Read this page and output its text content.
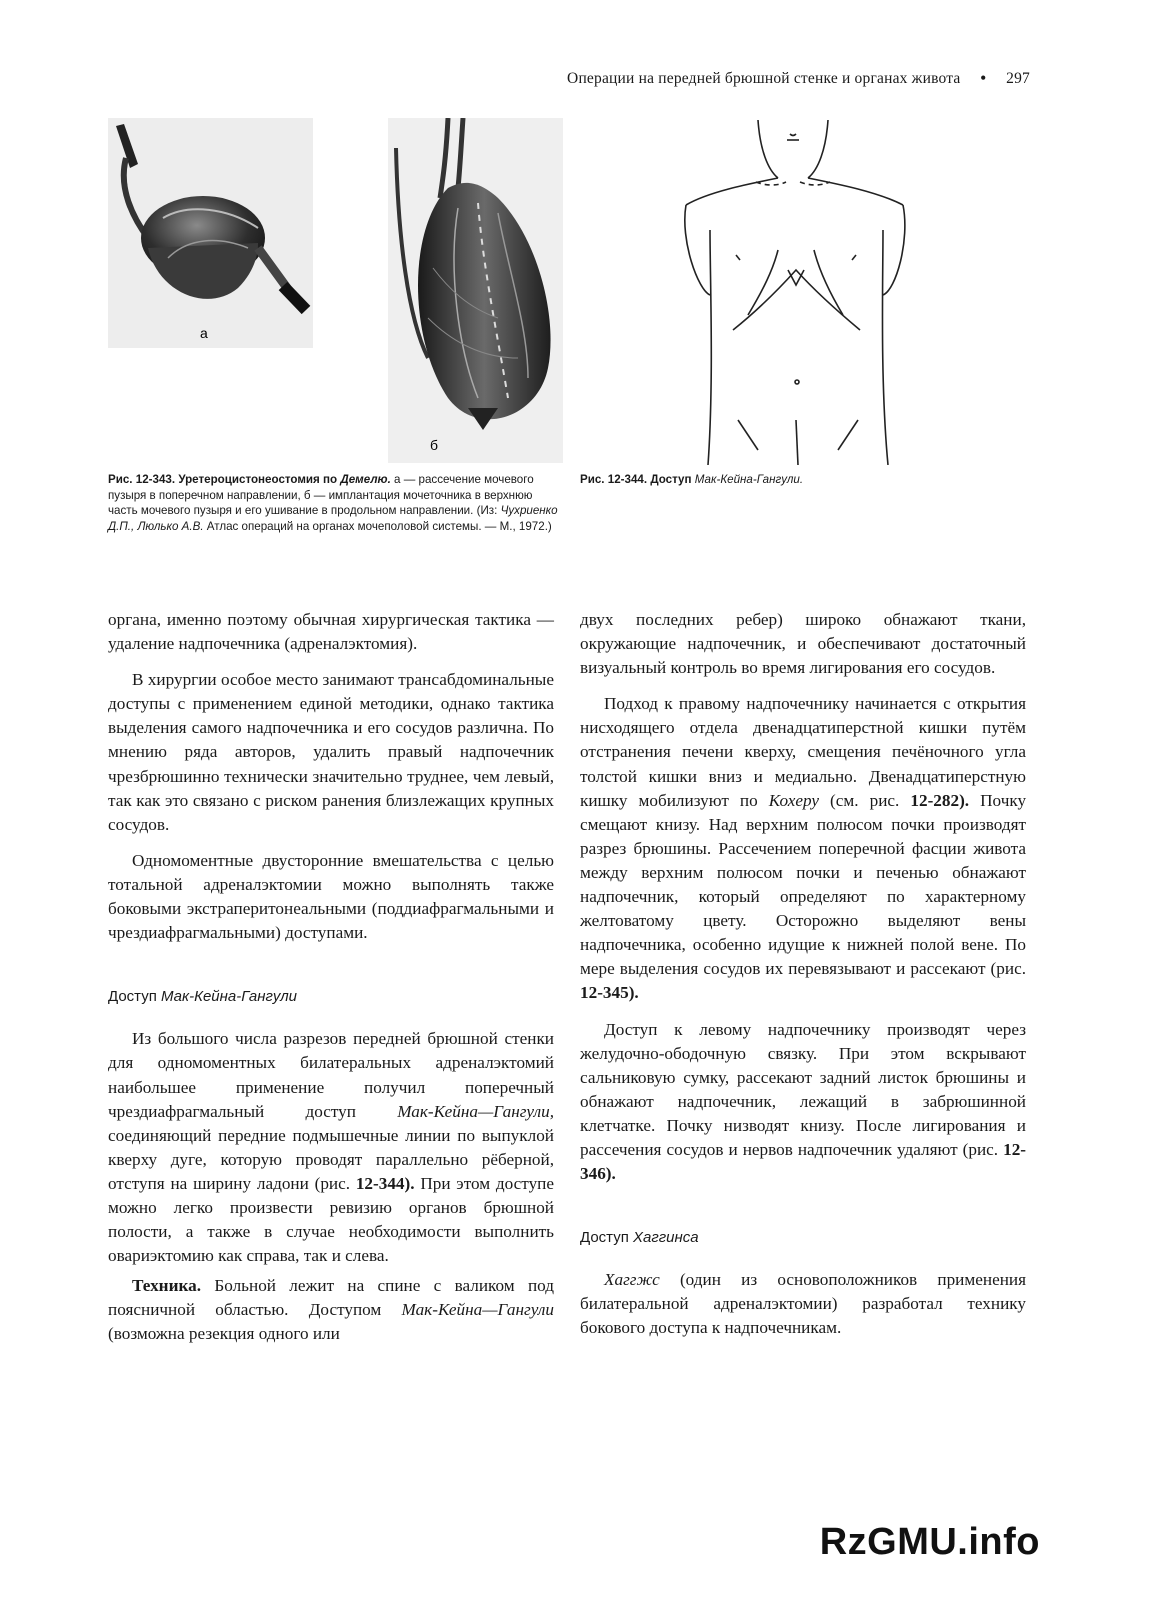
Операции на передней брюшной стенке и органах живота • 297
а
б
Рис. 12-343. Уретероцистонеостомия по Демелю. а — рассечение мочевого пузыря в поперечном направлении, б — имплантация мочеточника в верхнюю часть мочевого пузыря и его ушивание в продольном направлении. (Из: Чухриенко Д.П., Люлько А.В. Атлас операций на органах мочеполовой системы. — М., 1972.)
Рис. 12-344. Доступ Мак-Кейна-Гангули.

органа, именно поэтому обычная хирургическая тактика — удаление надпочечника (адреналэктомия).

В хирургии особое место занимают трансабдоминальные доступы с применением единой методики, однако тактика выделения самого надпочечника и его сосудов различна. По мнению ряда авторов, удалить правый надпочечник чрезбрюшинно технически значительно труднее, чем левый, так как это связано с риском ранения близлежащих крупных сосудов.

Одномоментные двусторонние вмешательства с целью тотальной адреналэктомии можно выполнять также боковыми экстраперитонеальными (поддиафрагмальными и чрездиафрагмальными) доступами.

Доступ Мак-Кейна-Гангули

Из большого числа разрезов передней брюшной стенки для одномоментных билатеральных адреналэктомий наибольшее применение получил поперечный чрездиафрагмальный доступ Мак-Кейна—Гангули, соединяющий передние подмышечные линии по выпуклой кверху дуге, которую проводят параллельно рёберной, отступя на ширину ладони (рис. 12-344). При этом доступе можно легко произвести ревизию органов брюшной полости, а также в случае необходимости выполнить овариэктомию как справа, так и слева.

Техника. Больной лежит на спине с валиком под поясничной областью. Доступом Мак-Кейна—Гангули (возможна резекция одного или

двух последних ребер) широко обнажают ткани, окружающие надпочечник, и обеспечивают достаточный визуальный контроль во время лигирования его сосудов.

Подход к правому надпочечнику начинается с открытия нисходящего отдела двенадцатиперстной кишки путём отстранения печени кверху, смещения печёночного угла толстой кишки вниз и медиально. Двенадцатиперстную кишку мобилизуют по Кохеру (см. рис. 12-282). Почку смещают книзу. Над верхним полюсом почки производят разрез брюшины. Рассечением поперечной фасции живота между верхним полюсом почки и печенью обнажают надпочечник, который определяют по характерному желтоватому цвету. Осторожно выделяют вены надпочечника, особенно идущие к нижней полой вене. По мере выделения сосудов их перевязывают и рассекают (рис. 12-345).

Доступ к левому надпочечнику производят через желудочно-ободочную связку. При этом вскрывают сальниковую сумку, рассекают задний листок брюшины и обнажают надпочечник, лежащий в забрюшинной клетчатке. Почку низводят книзу. После лигирования и рассечения сосудов и нервов надпочечник удаляют (рис. 12-346).

Доступ Хаггинса

Хаггжс (один из основоположников применения билатеральной адреналэктомии) разработал технику бокового доступа к надпочечникам.

RzGMU.info
